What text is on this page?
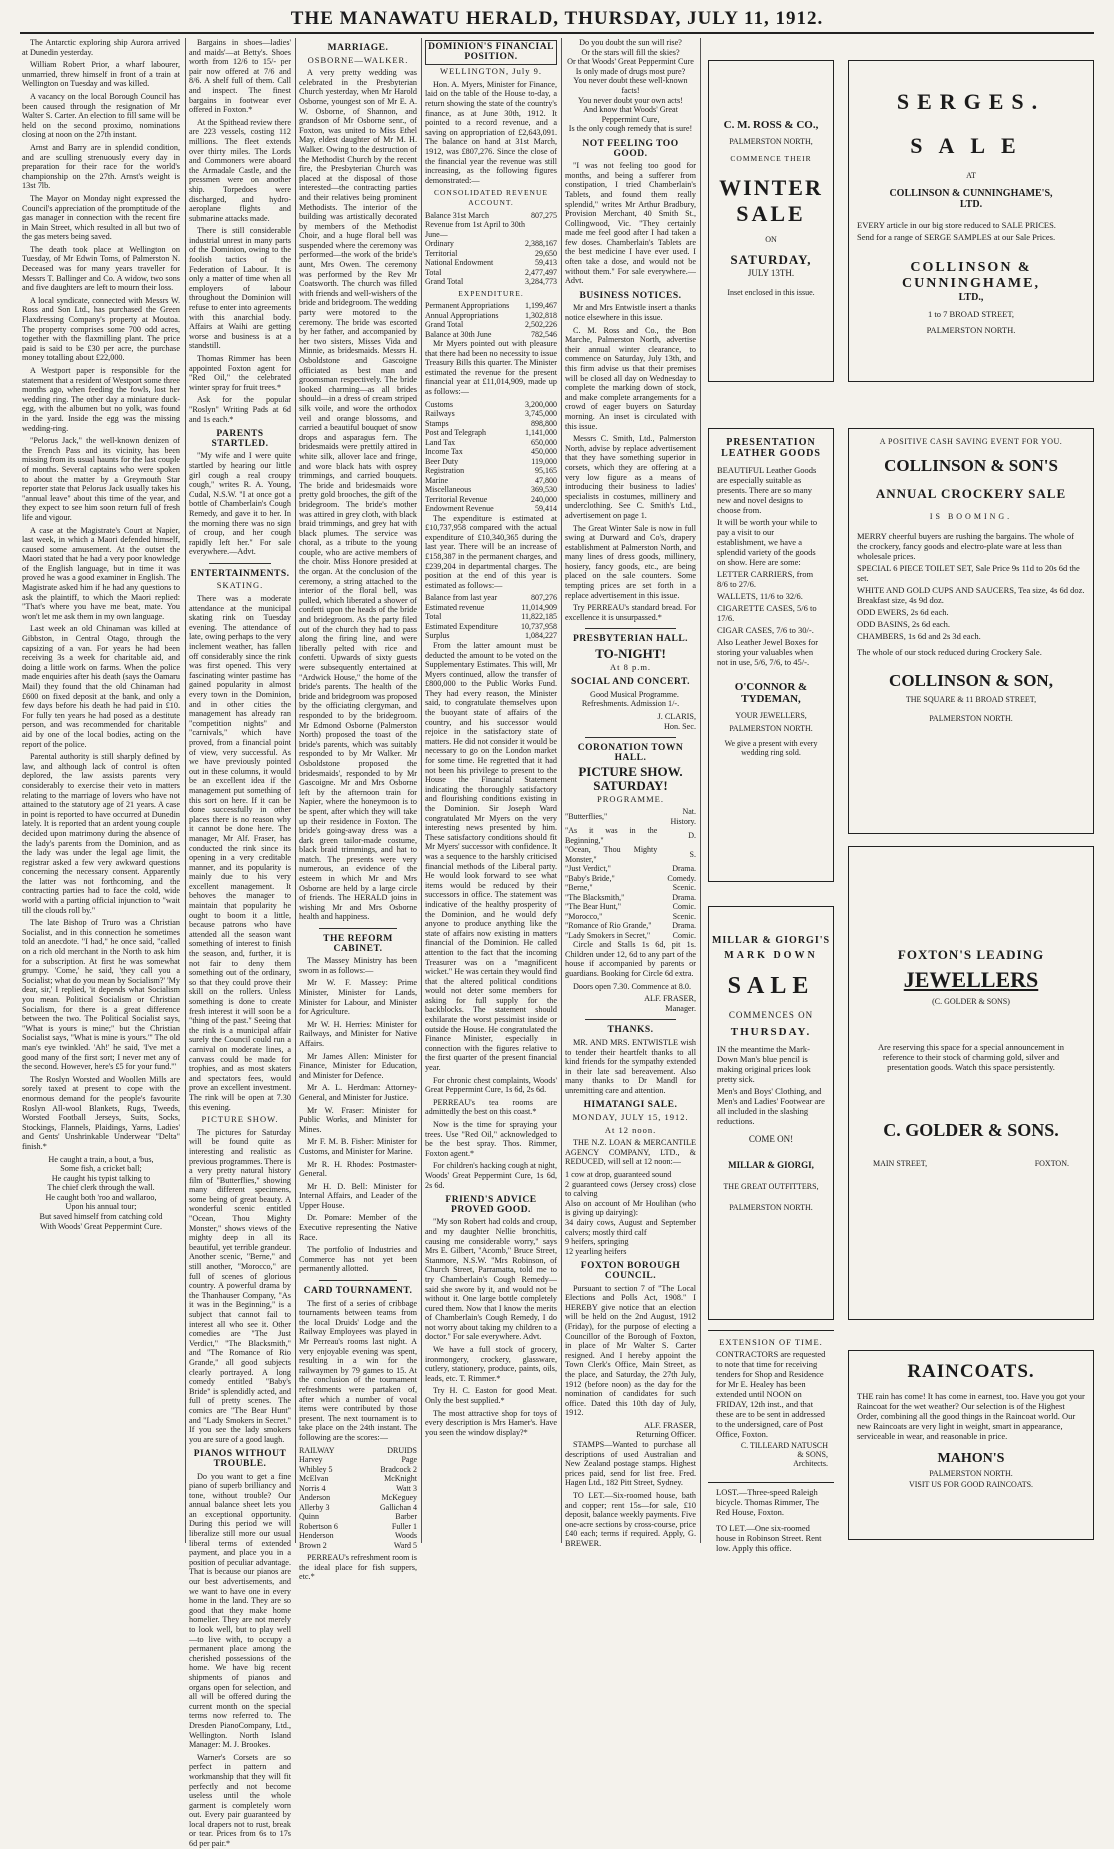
THE MANAWATU HERALD, THURSDAY, JULY 11, 1912.

The Antarctic exploring ship Aurora arrived at Dunedin yesterday.

William Robert Prior, a wharf labourer, unmarried, threw himself in front of a train at Wellington on Tuesday and was killed.

A vacancy on the local Borough Council has been caused through the resignation of Mr Walter S. Carter. An election to fill same will be held on the second proximo, nominations closing at noon on the 27th instant.

Arnst and Barry are in splendid condition, and are sculling strenuously every day in preparation for their race for the world's championship on the 27th. Arnst's weight is 13st 7lb.

The Mayor on Monday night expressed the Council's appreciation of the promptitude of the gas manager in connection with the recent fire in Main Street, which resulted in all but two of the gas meters being saved.

The death took place at Wellington on Tuesday, of Mr Edwin Toms, of Palmerston N. Deceased was for many years traveller for Messrs T. Ballinger and Co. A widow, two sons and five daughters are left to mourn their loss.

A local syndicate, connected with Messrs W. Ross and Son Ltd., has purchased the Green Flaxdressing Company's property at Moutoa. The property comprises some 700 odd acres, together with the flaxmilling plant. The price paid is said to be £30 per acre, the purchase money totalling about £22,000.

A Westport paper is responsible for the statement that a resident of Westport some three months ago, when feeding the fowls, lost her wedding ring. The other day a miniature duck-egg, with the albumen but no yolk, was found in the yard. Inside the egg was the missing wedding-ring.

"Pelorus Jack," the well-known denizen of the French Pass and its vicinity, has been missing from its usual haunts for the last couple of months. Several captains who were spoken to about the matter by a Greymouth Star reporter state that Pelorus Jack usually takes his "annual leave" about this time of the year, and they expect to see him soon return full of fresh life and vigour.

A case at the Magistrate's Court at Napier, last week, in which a Maori defended himself, caused some amusement. At the outset the Maori stated that he had a very poor knowledge of the English language, but in time it was proved he was a good examiner in English. The Magistrate asked him if he had any questions to ask the plaintiff, to which the Maori replied: "That's where you have me beat, mate. You won't let me ask them in my own language.

Last week an old Chinaman was killed at Gibbston, in Central Otago, through the capsizing of a van. For years he had been receiving 3s a week for charitable aid, and doing a little work on farms. When the police made enquiries after his death (says the Oamaru Mail) they found that the old Chinaman had £600 on fixed deposit at the bank, and only a few days before his death he had paid in £10. For fully ten years he had posed as a destitute person, and was recommended for charitable aid by one of the local bodies, acting on the report of the police.

Parental authority is still sharply defined by law, and although lack of control is often deplored, the law assists parents very considerably to exercise their veto in matters relating to the marriage of lovers who have not attained to the statutory age of 21 years. A case in point is reported to have occurred at Dunedin lately. It is reported that an ardent young couple decided upon matrimony during the absence of the lady's parents from the Dominion, and as the lady was under the legal age limit, the registrar asked a few very awkward questions concerning the necessary consent. Apparently the latter was not forthcoming, and the contracting parties had to face the cold, wide world with a parting official injunction to "wait till the clouds roll by."

The late Bishop of Truro was a Christian Socialist, and in this connection he sometimes told an anecdote. "I had," he once said, "called on a rich old merchant in the North to ask him for a subscription. At first he was somewhat grumpy. 'Come,' he said, 'they call you a Socialist; what do you mean by Socialism?' 'My dear, sir,' I replied, 'it depends what Socialism you mean. Political Socialism or Christian Socialism, for there is a great difference between the two. The Political Socialist says, "What is yours is mine;" but the Christian Socialist says, "What is mine is yours."' The old man's eye twinkled. 'Ah!' he said, 'I've met a good many of the first sort; I never met any of the second. However, here's £5 for your fund.'"

The Roslyn Worsted and Woollen Mills are sorely taxed at present to cope with the enormous demand for the people's favourite Roslyn All-wool Blankets, Rugs, Tweeds, Worsted Football Jerseys, Suits, Socks, Stockings, Flannels, Plaidings, Yarns, Ladies' and Gents' Unshrinkable Underwear "Delta" finish.*

He caught a train, a bout, a 'bus,
Some fish, a cricket ball;
He caught his typist talking to
The chief clerk through the wall.
He caught both 'roo and wallaroo,
Upon his annual tour;
But saved himself from catching cold
With Woods' Great Peppermint Cure.

Bargains in shoes—ladies' and maids'—at Betty's. Shoes worth from 12/6 to 15/- per pair now offered at 7/6 and 8/6. A shelf full of them. Call and inspect. The finest bargains in footwear ever offered in Foxton.*

At the Spithead review there are 223 vessels, costing 112 millions. The fleet extends over thirty miles. The Lords and Commoners were aboard the Armadale Castle, and the pressmen were on another ship. Torpedoes were discharged, and hydro-aeroplane flights and submarine attacks made.

There is still considerable industrial unrest in many parts of the Dominion, owing to the foolish tactics of the Federation of Labour. It is only a matter of time when all employers of labour throughout the Dominion will refuse to enter into agreements with this anarchial body. Affairs at Waihi are getting worse and business is at a standstill.

Thomas Rimmer has been appointed Foxton agent for "Red Oil," the celebrated winter spray for fruit trees.*

Ask for the popular "Roslyn" Writing Pads at 6d and 1s each.*

PARENTS STARTLED.

"My wife and I were quite startled by hearing our little girl cough a real croupy cough," writes R. A. Young, Cudal, N.S.W. "I at once got a bottle of Chamberlain's Cough Remedy, and gave it to her. In the morning there was no sign of croup, and her cough rapidly left her." For sale everywhere.—Advt.

ENTERTAINMENTS.
SKATING.

There was a moderate attendance at the municipal skating rink on Tuesday evening. The attendance of late, owing perhaps to the very inclement weather, has fallen off considerably since the rink was first opened. This very fascinating winter pastime has gained popularity in almost every town in the Dominion, and in other cities the management has already ran "competition nights" and "carnivals," which have proved, from a financial point of view, very successful. As we have previously pointed out in these columns, it would be an excellent idea if the management put something of this sort on here. If it can be done successfully in other places there is no reason why it cannot be done here. The manager, Mr Alf. Fraser, has conducted the rink since its opening in a very creditable manner, and its popularity is mainly due to his very excellent management. It behoves the manager to maintain that popularity he ought to boom it a little, because patrons who have attended all the season want something of interest to finish the season, and, further, it is not fair to deny them something out of the ordinary, so that they could prove their skill on the rollers. Unless something is done to create fresh interest it will soon be a "thing of the past." Seeing that the rink is a municipal affair surely the Council could run a carnival on moderate lines, a canvass could be made for trophies, and as most skaters and spectators fees, would prove an excellent investment. The rink will be open at 7.30 this evening.

PICTURE SHOW.

The pictures for Saturday will be found quite as interesting and realistic as previous programmes. There is a very pretty natural history film of "Butterflies," showing many different specimens, some being of great beauty. A wonderful scenic entitled "Ocean, Thou Mighty Monster," shows views of the mighty deep in all its beautiful, yet terrible grandeur. Another scenic, "Berne," and still another, "Morocco," are full of scenes of glorious country. A powerful drama by the Thanhauser Company, "As it was in the Beginning," is a subject that cannot fail to interest all who see it. Other comedies are "The Just Verdict," "The Blacksmith," and "The Romance of Rio Grande," all good subjects clearly portrayed. A long comedy entitled "Baby's Bride" is splendidly acted, and full of pretty scenes. The comics are "The Bear Hunt" and "Lady Smokers in Secret." If you see the lady smokers you are sure of a good laugh.

PIANOS WITHOUT TROUBLE.

Do you want to get a fine piano of superb brilliancy and tone, without trouble? Our annual balance sheet lets you an exceptional opportunity. During this period we will liberalize still more our usual liberal terms of extended payment, and place you in a position of peculiar advantage. That is because our pianos are our best advertisements, and we want to have one in every home in the land. They are so good that they make home homelier. They are not merely to look well, but to play well —to live with, to occupy a permanent place among the cherished possessions of the home. We have big recent shipments of pianos and organs open for selection, and all will be offered during the current month on the special terms now referred to. The Dresden PianoCompany, Ltd., Wellington. North Island Manager: M. J. Brookes.

Warner's Corsets are so perfect in pattern and workmanship that they will fit perfectly and not become useless until the whole garment is completely worn out. Every pair guaranteed by local drapers not to rust, break or tear. Prices from 6s to 17s 6d per pair.*

MARRIAGE.
OSBORNE—WALKER.

A very pretty wedding was celebrated in the Presbyterian Church yesterday, when Mr Harold Osborne, youngest son of Mr E. A. W. Osborne, of Shannon, and grandson of Mr Osborne senr., of Foxton, was united to Miss Ethel May, eldest daughter of Mr M. H. Walker. Owing to the destruction of the Methodist Church by the recent fire, the Presbyterian Church was placed at the disposal of those interested—the contracting parties and their relatives being prominent Methodists. The interior of the building was artistically decorated by members of the Methodist Choir, and a huge floral bell was suspended where the ceremony was performed—the work of the bride's aunt, Mrs Owen. The ceremony was performed by the Rev Mr Coatsworth. The church was filled with friends and well-wishers of the bride and bridegroom. The wedding party were motored to the ceremony. The bride was escorted by her father, and accompanied by her two sisters, Misses Vida and Minnie, as bridesmaids. Messrs H. Osboldstone and Gascoigne officiated as best man and groomsman respectively. The bride looked charming—as all brides should—in a dress of cream striped silk voile, and wore the orthodox veil and orange blossoms, and carried a beautiful bouquet of snow drops and asparagus fern. The bridesmaids were prettily attired in white silk, allover lace and fringe, and wore black hats with osprey trimmings, and carried bouquets. The bride and bridesmaids wore pretty gold brooches, the gift of the bridegroom. The bride's mother was attired in grey cloth, with black braid trimmings, and grey hat with black plumes. The service was choral, as a tribute to the young couple, who are active members of the choir. Miss Honore presided at the organ. At the conclusion of the ceremony, a string attached to the interior of the floral bell, was pulled, which liberated a shower of confetti upon the heads of the bride and bridegroom. As the party filed out of the church they had to pass along the firing line, and were liberally pelted with rice and confetti. Upwards of sixty guests were subsequently entertained at "Ardwick House," the home of the bride's parents. The health of the bride and bridegroom was proposed by the officiating clergyman, and responded to by the bridegroom. Mr Edmond Osborne (Palmerston North) proposed the toast of the bride's parents, which was suitably responded to by Mr Walker. Mr Osboldstone proposed the bridesmaids', responded to by Mr Gascoigne. Mr and Mrs Osborne left by the afternoon train for Napier, where the honeymoon is to be spent, after which they will take up their residence in Foxton. The bride's going-away dress was a dark green tailor-made costume, black braid trimmings, and hat to match. The presents were very numerous, an evidence of the esteem in which Mr and Mrs Osborne are held by a large circle of friends. The HERALD joins in wishing Mr and Mrs Osborne health and happiness.

THE REFORM CABINET.

The Massey Ministry has been sworn in as follows:—

Mr W. F. Massey: Prime Minister, Minister for Lands, Minister for Labour, and Minister for Agriculture.

Mr W. H. Herries: Minister for Railways, and Minister for Native Affairs.

Mr James Allen: Minister for Finance, Minister for Education, and Minister for Defence.

Mr A. L. Herdman: Attorney-General, and Minister for Justice.

Mr W. Fraser: Minister for Public Works, and Minister for Mines.

Mr F. M. B. Fisher: Minister for Customs, and Minister for Marine.

Mr R. H. Rhodes: Postmaster-General.

Mr H. D. Bell: Minister for Internal Affairs, and Leader of the Upper House.

Dr. Pomare: Member of the Executive representing the Native Race.

The portfolio of Industries and Commerce has not yet been permanently allotted.

CARD TOURNAMENT.

The first of a series of cribbage tournaments between teams from the local Druids' Lodge and the Railway Employees was played in Mr Perreau's rooms last night. A very enjoyable evening was spent, resulting in a win for the railwaymen by 79 games to 15. At the conclusion of the tournament refreshments were partaken of, after which a number of vocal items were contributed by those present. The next tournament is to take place on the 24th instant. The following are the scores:—

RAILWAY	DRUIDS
Harvey	Page
Whibley 5	Bradcock 2
McElvan	McKnight
Norris 4	Watt 3
Anderson	McKeguey
Allerby 3	Gallichan 4
Quinn	Barber
Robertson 6	Fuller 1
Henderson	Woods
Brown 2	Ward 5

PERREAU's refreshment room is the ideal place for fish suppers, etc.*

DOMINION'S FINANCIAL
POSITION.
WELLINGTON, July 9.

Hon. A. Myers, Minister for Finance, laid on the table of the House to-day, a return showing the state of the country's finance, as at June 30th, 1912. It pointed to a record revenue, and a saving on appropriation of £2,643,091. The balance on hand at 31st March, 1912, was £807,276. Since the close of the financial year the revenue was still increasing, as the following figures demonstrated:—

CONSOLIDATED REVENUE ACCOUNT.
Balance 31st March	807,275
Revenue from 1st April to 30th June—	
Ordinary	2,388,167
Territorial	29,650
National Endowment	59,413
Total	2,477,497
Grand Total	3,284,773
EXPENDITURE.
Permanent Appropriations	1,199,467
Annual Appropriations	1,302,818
Grand Total	2,502,226
Balance at 30th June	782,546

Mr Myers pointed out with pleasure that there had been no necessity to issue Treasury Bills this quarter. The Minister estimated the revenue for the present financial year at £11,014,909, made up as follows:—

Customs	3,200,000
Railways	3,745,000
Stamps	898,800
Post and Telegraph	1,141,000
Land Tax	650,000
Income Tax	450,000
Beer Duty	119,000
Registration	95,165
Marine	47,800
Miscellaneous	369,530
Territorial Revenue	240,000
Endowment Revenue	59,414

The expenditure is estimated at £10,737,958 compared with the actual expenditure of £10,340,365 during the last year. There will be an increase of £158,387 in the permanent charges, and £239,204 in departmental charges. The position at the end of this year is estimated as follows:—

Balance from last year	807,276
Estimated revenue	11,014,909
Total	11,822,185
Estimated Expenditure	10,737,958
Surplus	1,084,227

From the latter amount must be deducted the amount to be voted on the Supplementary Estimates. This will, Mr Myers continued, allow the transfer of £800,000 to the Public Works Fund. They had every reason, the Minister said, to congratulate themselves upon the buoyant state of affairs of the country, and his successor would rejoice in the satisfactory state of matters. He did not consider it would be necessary to go on the London market for some time. He regretted that it had not been his privilege to present to the House the Financial Statement indicating the thoroughly satisfactory and flourishing conditions existing in the Dominion. Sir Joseph Ward congratulated Mr Myers on the very interesting news presented by him. These satisfactory conditions should fit Mr Myers' successor with confidence. It was a sequence to the harshly criticised financial methods of the Liberal party. He would look forward to see what items would be reduced by their successors in office. The statement was indicative of the healthy prosperity of the Dominion, and he would defy anyone to produce anything like the state of affairs now existing in matters financial of the Dominion. He called attention to the fact that the incoming Treasurer was on a "magnificent wicket." He was certain they would find that the altered political conditions would not deter some members for asking for full supply for the backblocks. The statement should exhilarate the worst pessimist inside or outside the House. He congratulated the Finance Minister, especially in connection with the figures relative to the first quarter of the present financial year.

For chronic chest complaints, Woods' Great Peppermint Cure, 1s 6d, 2s 6d.

PERREAU's tea rooms are admittedly the best on this coast.*

Now is the time for spraying your trees. Use "Red Oil," acknowledged to be the best spray. Thos. Rimmer, Foxton agent.*

For children's hacking cough at night, Woods' Great Peppermint Cure, 1s 6d, 2s 6d.

FRIEND'S ADVICE PROVED GOOD.

"My son Robert had colds and croup, and my daughter Nellie bronchitis, causing me considerable worry," says Mrs E. Gilbert, "Acomb," Bruce Street, Stanmore, N.S.W. "Mrs Robinson, of Church Street, Parramatta, told me to try Chamberlain's Cough Remedy—said she swore by it, and would not be without it. One large bottle completely cured them. Now that I know the merits of Chamberlain's Cough Remedy, I do not worry about taking my children to a doctor." For sale everywhere. Advt.

We have a full stock of grocery, ironmongery, crockery, glassware, cutlery, stationery, produce, paints, oils, leads, etc. T. Rimmer.*

Try H. C. Easton for good Meat. Only the best supplied.*

The most attractive shop for toys of every description is Mrs Hamer's. Have you seen the window display?*

Do you doubt the sun will rise?
Or the stars will fill the skies?
Or that Woods' Great Peppermint Cure
Is only made of drugs most pure?
You never doubt these well-known facts!
You never doubt your own acts!
And know that Woods' Great Peppermint Cure,
Is the only cough remedy that is sure!
NOT FEELING TOO GOOD.

"I was not feeling too good for months, and being a sufferer from constipation, I tried Chamberlain's Tablets, and found them really splendid," writes Mr Arthur Bradbury, Provision Merchant, 40 Smith St., Collingwood, Vic. "They certainly made me feel good after I had taken a few doses. Chamberlain's Tablets are the best medicine I have ever used. I often take a dose, and would not be without them." For sale everywhere.—Advt.

BUSINESS NOTICES.

Mr and Mrs Entwistle insert a thanks notice elsewhere in this issue.

C. M. Ross and Co., the Bon Marche, Palmerston North, advertise their annual winter clearance, to commence on Saturday, July 13th, and this firm advise us that their premises will be closed all day on Wednesday to complete the marking down of stock, and make complete arrangements for a crowd of eager buyers on Saturday morning. An inset is circulated with this issue.

Messrs C. Smith, Ltd., Palmerston North, advise by replace advertisement that they have something superior in corsets, which they are offering at a very low figure as a means of introducing their business to ladies' specialists in costumes, millinery and underclothing. See C. Smith's Ltd., advertisement on page 1.

The Great Winter Sale is now in full swing at Durward and Co's, drapery establishment at Palmerston North, and many lines of dress goods, millinery, hosiery, fancy goods, etc., are being placed on the sale counters. Some tempting prices are set forth in a replace advertisement in this issue.

Try PERREAU's standard bread. For excellence it is unsurpassed.*

PRESBYTERIAN HALL.
TO-NIGHT!
At 8 p.m.
SOCIAL AND CONCERT.

Good Musical Programme. Refreshments. Admission 1/-.

J. CLARIS,
Hon. Sec.
CORONATION TOWN HALL.
PICTURE SHOW.
SATURDAY!
PROGRAMME.
"Butterflies,"	Nat. History.
"As it was in the Beginning,"	D.
"Ocean, Thou Mighty Monster,"	S.
"Just Verdict,"	Drama.
"Baby's Bride,"	Comedy.
"Berne,"	Scenic.
"The Blacksmith,"	Drama.
"The Bear Hunt,"	Comic.
"Morocco,"	Scenic.
"Romance of Rio Grande,"	Drama.
"Lady Smokers in Secret,"	Comic.

Circle and Stalls 1s 6d, pit 1s. Children under 12, 6d to any part of the house if accompanied by parents or guardians. Booking for Circle 6d extra.

Doors open 7.30. Commence at 8.0.

ALF. FRASER,
Manager.
THANKS.

MR. AND MRS. ENTWISTLE wish to tender their heartfelt thanks to all kind friends for the sympathy extended in their late sad bereavement. Also many thanks to Dr Mandl for unremitting care and attention.

HIMATANGI SALE.
MONDAY, JULY 15, 1912.
At 12 noon.

THE N.Z. LOAN & MERCANTILE AGENCY COMPANY, LTD., & REDUCED, will sell at 12 noon:—

1 cow at drop, guaranteed sound
2 guaranteed cows (Jersey cross) close to calving
Also on account of Mr Houlihan (who is giving up dairying):
34 dairy cows, August and September calvers; mostly third calf
9 heifers, springing
12 yearling heifers
FOXTON BOROUGH COUNCIL.

Pursuant to section 7 of "The Local Elections and Polls Act, 1908." I HEREBY give notice that an election will be held on the 2nd August, 1912 (Friday), for the purpose of electing a Councillor of the Borough of Foxton, in place of Mr Walter S. Carter resigned. And I hereby appoint the Town Clerk's Office, Main Street, as the place, and Saturday, the 27th July, 1912 (before noon) as the day for the nomination of candidates for such office. Dated this 10th day of July, 1912.

ALF. FRASER,
Returning Officer.

STAMPS—Wanted to purchase all descriptions of used Australian and New Zealand postage stamps. Highest prices paid, send for list free. Fred. Hagen Ltd., 182 Pitt Street, Sydney.

TO LET.—Six-roomed house, bath and copper; rent 15s—for sale, £10 deposit, balance weekly payments. Five one-acre sections by cross-course, price £40 each; terms if required. Apply, G. BREWER.

C. M. ROSS & CO.,
PALMERSTON NORTH,
COMMENCE THEIR
WINTER
SALE
ON
SATURDAY,
JULY 13TH.
Inset enclosed in this issue.
PRESENTATION
LEATHER GOODS

BEAUTIFUL Leather Goods are especially suitable as presents. There are so many new and novel designs to choose from.

It will be worth your while to pay a visit to our establishment, we have a splendid variety of the goods on show. Here are some:

LETTER CARRIERS, from 8/6 to 27/6.

WALLETS, 11/6 to 32/6.

CIGARETTE CASES, 5/6 to 17/6.

CIGAR CASES, 7/6 to 30/-.

Also Leather Jewel Boxes for storing your valuables when not in use, 5/6, 7/6, to 45/-.

O'CONNOR &
TYDEMAN,
YOUR JEWELLERS,
PALMERSTON NORTH.
We give a present with every wedding ring sold.
MILLAR & GIORGI'S
MARK DOWN
SALE
COMMENCES ON
THURSDAY.

IN the meantime the Mark-Down Man's blue pencil is making original prices look pretty sick.

Men's and Boys' Clothing, and Men's and Ladies' Footwear are all included in the slashing reductions.

COME ON!
MILLAR & GIORGI,
THE GREAT OUTFITTERS,
PALMERSTON NORTH.
EXTENSION OF TIME.

CONTRACTORS are requested to note that time for receiving tenders for Shop and Residence for Mr E. Healey has been extended until NOON on FRIDAY, 12th inst., and that these are to be sent in addressed to the undersigned, care of Post Office, Foxton.

C. TILLEARD NATUSCH
& SONS,
Architects.

LOST.—Three-speed Raleigh bicycle. Thomas Rimmer, The Red House, Foxton.

TO LET.—One six-roomed house in Robinson Street. Rent low. Apply this office.

SERGES.
SALE
AT
COLLINSON & CUNNINGHAME'S, LTD.

EVERY article in our big store reduced to SALE PRICES.

Send for a range of SERGE SAMPLES at our Sale Prices.

COLLINSON & CUNNINGHAME,
LTD.,
1 to 7 BROAD STREET,
PALMERSTON NORTH.
A POSITIVE CASH SAVING EVENT FOR YOU.
COLLINSON & SON'S
ANNUAL CROCKERY SALE
IS BOOMING.

MERRY cheerful buyers are rushing the bargains. The whole of the crockery, fancy goods and electro-plate ware at less than wholesale prices.

SPECIAL 6 PIECE TOILET SET, Sale Price 9s 11d to 20s 6d the set.

WHITE AND GOLD CUPS AND SAUCERS, Tea size, 4s 6d doz. Breakfast size, 4s 9d doz.

ODD EWERS, 2s 6d each.

ODD BASINS, 2s 6d each.

CHAMBERS, 1s 6d and 2s 3d each.

The whole of our stock reduced during Crockery Sale.

COLLINSON & SON,
THE SQUARE & 11 BROAD STREET,
PALMERSTON NORTH.
FOXTON'S LEADING
JEWELLERS
(C. GOLDER & SONS)

Are reserving this space for a special announcement in reference to their stock of charming gold, silver and presentation goods. Watch this space persistently.

C. GOLDER & SONS.
MAIN STREET,	FOXTON.
RAINCOATS.

THE rain has come! It has come in earnest, too. Have you got your Raincoat for the wet weather? Our selection is of the Highest Order, combining all the good things in the Raincoat world. Our new Raincoats are very light in weight, smart in appearance, serviceable in wear, and reasonable in price.

MAHON'S
PALMERSTON NORTH.
VISIT US FOR GOOD RAINCOATS.
